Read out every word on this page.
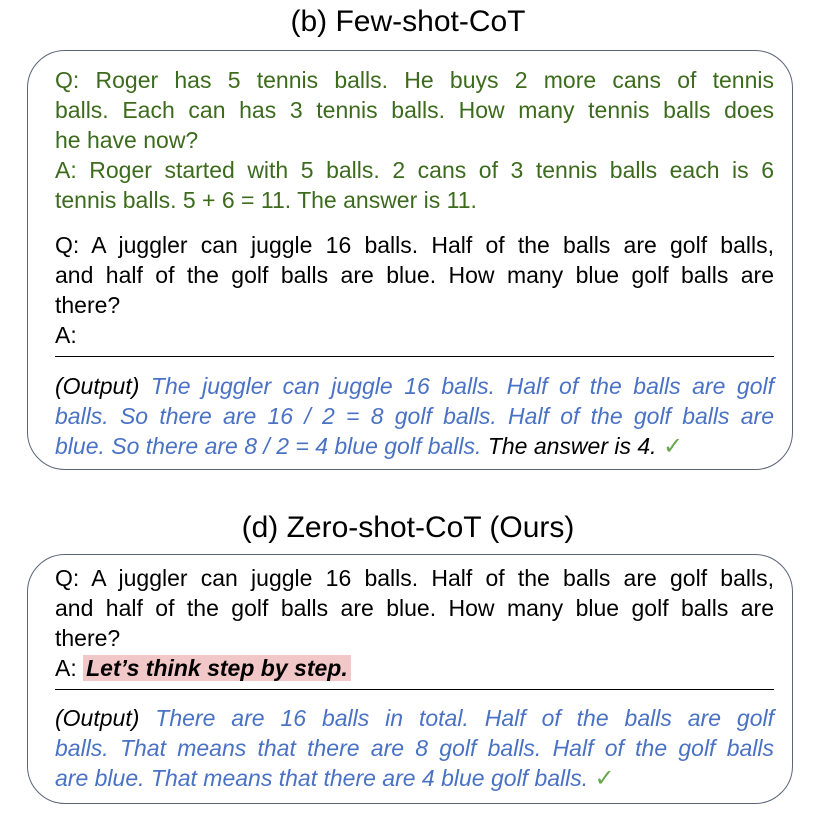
(b) Few-shot-CoT
Q: Roger has 5 tennis balls. He buys 2 more cans of tennis
balls. Each can has 3 tennis balls. How many tennis balls does
he have now?
A: Roger started with 5 balls. 2 cans of 3 tennis balls each is 6
tennis balls. 5 + 6 = 11. The answer is 11.
Q: A juggler can juggle 16 balls. Half of the balls are golf balls,
and half of the golf balls are blue. How many blue golf balls are
there?
A:
(Output) The juggler can juggle 16 balls. Half of the balls are golf
balls. So there are 16 / 2 = 8 golf balls. Half of the golf balls are
blue. So there are 8 / 2 = 4 blue golf balls. The answer is 4. ✓
(d) Zero-shot-CoT (Ours)
Q: A juggler can juggle 16 balls. Half of the balls are golf balls,
and half of the golf balls are blue. How many blue golf balls are
there?
A: Let’s think step by step.
(Output) There are 16 balls in total. Half of the balls are golf
balls. That means that there are 8 golf balls. Half of the golf balls
are blue. That means that there are 4 blue golf balls. ✓
